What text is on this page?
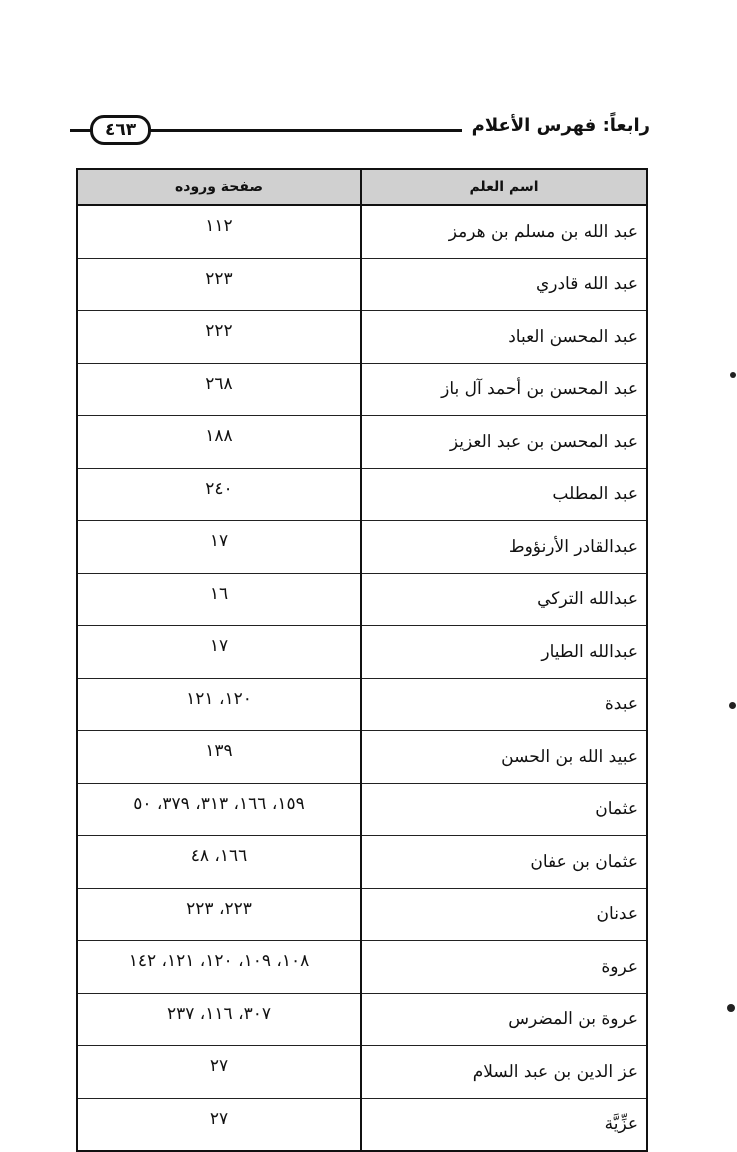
٤٦٣	رابعاً: فهرس الأعلام
اسم العلم	صفحة وروده
عبد الله بن مسلم بن هرمز	١١٢
عبد الله قادري	٢٢٣
عبد المحسن العباد	٢٢٢
عبد المحسن بن أحمد آل باز	٢٦٨
عبد المحسن بن عبد العزيز	١٨٨
عبد المطلب	٢٤٠
عبدالقادر الأرنؤوط	١٧
عبدالله التركي	١٦
عبدالله الطيار	١٧
عبدة	١٢٠، ١٢١
عبيد الله بن الحسن	١٣٩
عثمان	١٥٩، ١٦٦، ٣١٣، ٣٧٩، ٥٠
عثمان بن عفان	١٦٦، ٤٨
عدنان	٢٢٣، ٢٢٣
عروة	١٠٨، ١٠٩، ١٢٠، ١٢١، ١٤٢
عروة بن المضرس	٣٠٧، ١١٦، ٢٣٧
عز الدين بن عبد السلام	٢٧
عزِّيَّة	٢٧
